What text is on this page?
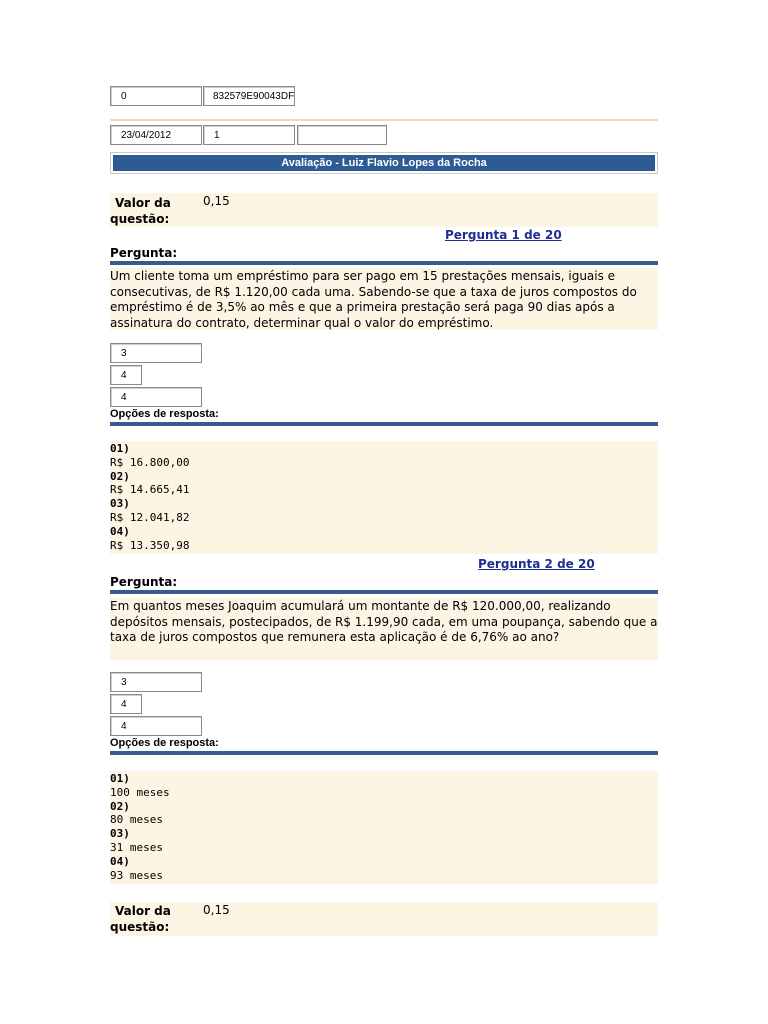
0	832579E90043DF
23/04/2012	1
Avaliação - Luiz Flavio Lopes da Rocha
Valor da
questão:
0,15
Pergunta 1 de 20
Pergunta:
Um cliente toma um empréstimo para ser pago em 15 prestações mensais, iguais e consecutivas, de R$ 1.120,00 cada uma. Sabendo-se que a taxa de juros compostos do empréstimo é de 3,5% ao mês e que a primeira prestação será paga 90 dias após a assinatura do contrato, determinar qual o valor do empréstimo.
3
4
4
Opções de resposta:
01)
R$ 16.800,00
02)
R$ 14.665,41
03)
R$ 12.041,82
04)
R$ 13.350,98
Pergunta 2 de 20
Pergunta:
Em quantos meses Joaquim acumulará um montante de R$ 120.000,00, realizando depósitos mensais, postecipados, de R$ 1.199,90 cada, em uma poupança, sabendo que a taxa de juros compostos que remunera esta aplicação é de 6,76% ao ano?
3
4
4
Opções de resposta:
01)
100 meses
02)
80 meses
03)
31 meses
04)
93 meses
Valor da
questão:
0,15
